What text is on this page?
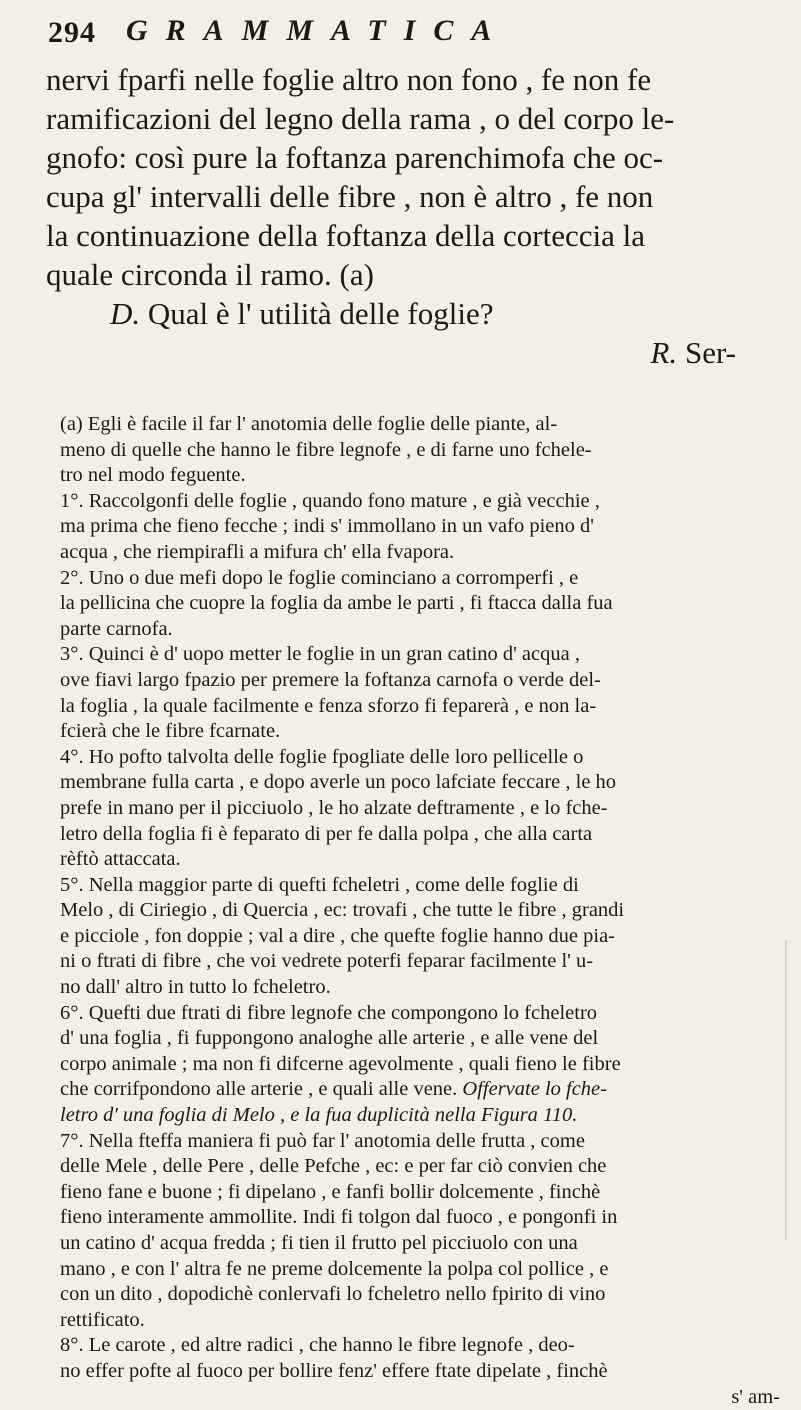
294 GRAMMATICA
nervi fparfi nelle foglie altro non fono , fe non fe
ramificazioni del legno della rama , o del corpo le-
gnofo: così pure la foftanza parenchimofa che oc-
cupa gl' intervalli delle fibre , non è altro , fe non
la continuazione della foftanza della corteccia la
quale circonda il ramo. (a)
D. Qual è l' utilità delle foglie?
R. Ser-
(a) Egli è facile il far l' anotomia delle foglie delle piante, al-
meno di quelle che hanno le fibre legnofe , e di farne uno fchele-
tro nel modo feguente.
1°. Raccolgonfi delle foglie , quando fono mature , e già vecchie ,
ma prima che fieno fecche ; indi s' immollano in un vafo pieno d'
acqua , che riempirafli a mifura ch' ella fvapora.
2°. Uno o due mefi dopo le foglie cominciano a corromperfi , e
la pellicina che cuopre la foglia da ambe le parti , fi ftacca dalla fua
parte carnofa.
3°. Quinci è d' uopo metter le foglie in un gran catino d' acqua ,
ove fiavi largo fpazio per premere la foftanza carnofa o verde del-
la foglia , la quale facilmente e fenza sforzo fi feparerà , e non la-
fcierà che le fibre fcarnate.
4°. Ho pofto talvolta delle foglie fpogliate delle loro pellicelle o
membrane fulla carta , e dopo averle un poco lafciate feccare , le ho
prefe in mano per il picciuolo , le ho alzate deftramente , e lo fche-
letro della foglia fi è feparato di per fe dalla polpa , che alla carta
rèftò attaccata.
5°. Nella maggior parte di quefti fcheletri , come delle foglie di
Melo , di Ciriegio , di Quercia , ec: trovafi , che tutte le fibre , grandi
e picciole , fon doppie ; val a dire , che quefte foglie hanno due pia-
ni o ftrati di fibre , che voi vedrete poterfi feparar facilmente l' u-
no dall' altro in tutto lo fcheletro.
6°. Quefti due ftrati di fibre legnofe che compongono lo fcheletro
d' una foglia , fi fuppongono analoghe alle arterie , e alle vene del
corpo animale ; ma non fi difcerne agevolmente , quali fieno le fibre
che corrifpondono alle arterie , e quali alle vene. Offervate lo fche-
letro d' una foglia di Melo , e la fua duplicità nella Figura 110.
7°. Nella fteffa maniera fi può far l' anotomia delle frutta , come
delle Mele , delle Pere , delle Pefche , ec: e per far ciò convien che
fieno fane e buone ; fi dipelano , e fanfi bollir dolcemente , finchè
fieno interamente ammollite. Indi fi tolgon dal fuoco , e pongonfi in
un catino d' acqua fredda ; fi tien il frutto pel picciuolo con una
mano , e con l' altra fe ne preme dolcemente la polpa col pollice , e
con un dito , dopodichè conlervafi lo fcheletro nello fpirito di vino
rettificato.
8°. Le carote , ed altre radici , che hanno le fibre legnofe , deo-
no effer pofte al fuoco per bollire fenz' effere ftate dipelate , finchè
s' am-
